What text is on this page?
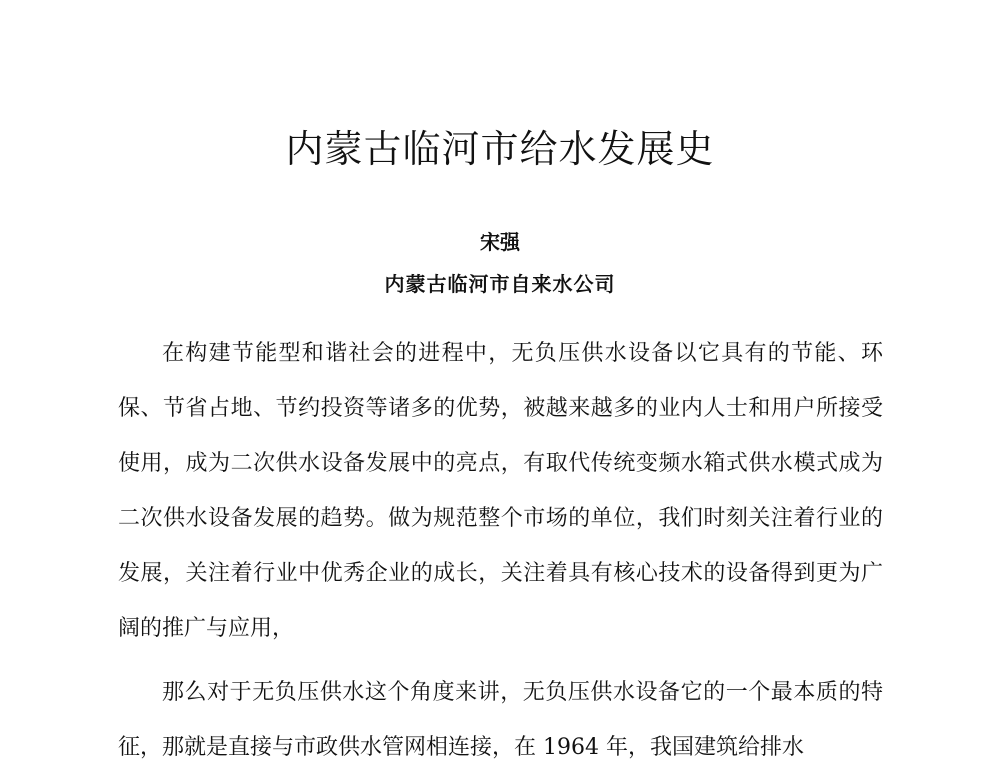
内蒙古临河市给水发展史
宋强
内蒙古临河市自来水公司

在构建节能型和谐社会的进程中，无负压供水设备以它具有的节能、环保、节省占地、节约投资等诸多的优势，被越来越多的业内人士和用户所接受使用，成为二次供水设备发展中的亮点，有取代传统变频水箱式供水模式成为二次供水设备发展的趋势。做为规范整个市场的单位，我们时刻关注着行业的发展，关注着行业中优秀企业的成长，关注着具有核心技术的设备得到更为广阔的推广与应用，

那么对于无负压供水这个角度来讲，无负压供水设备它的一个最本质的特征，那就是直接与市政供水管网相连接，在 1964 年，我国建筑给排水
